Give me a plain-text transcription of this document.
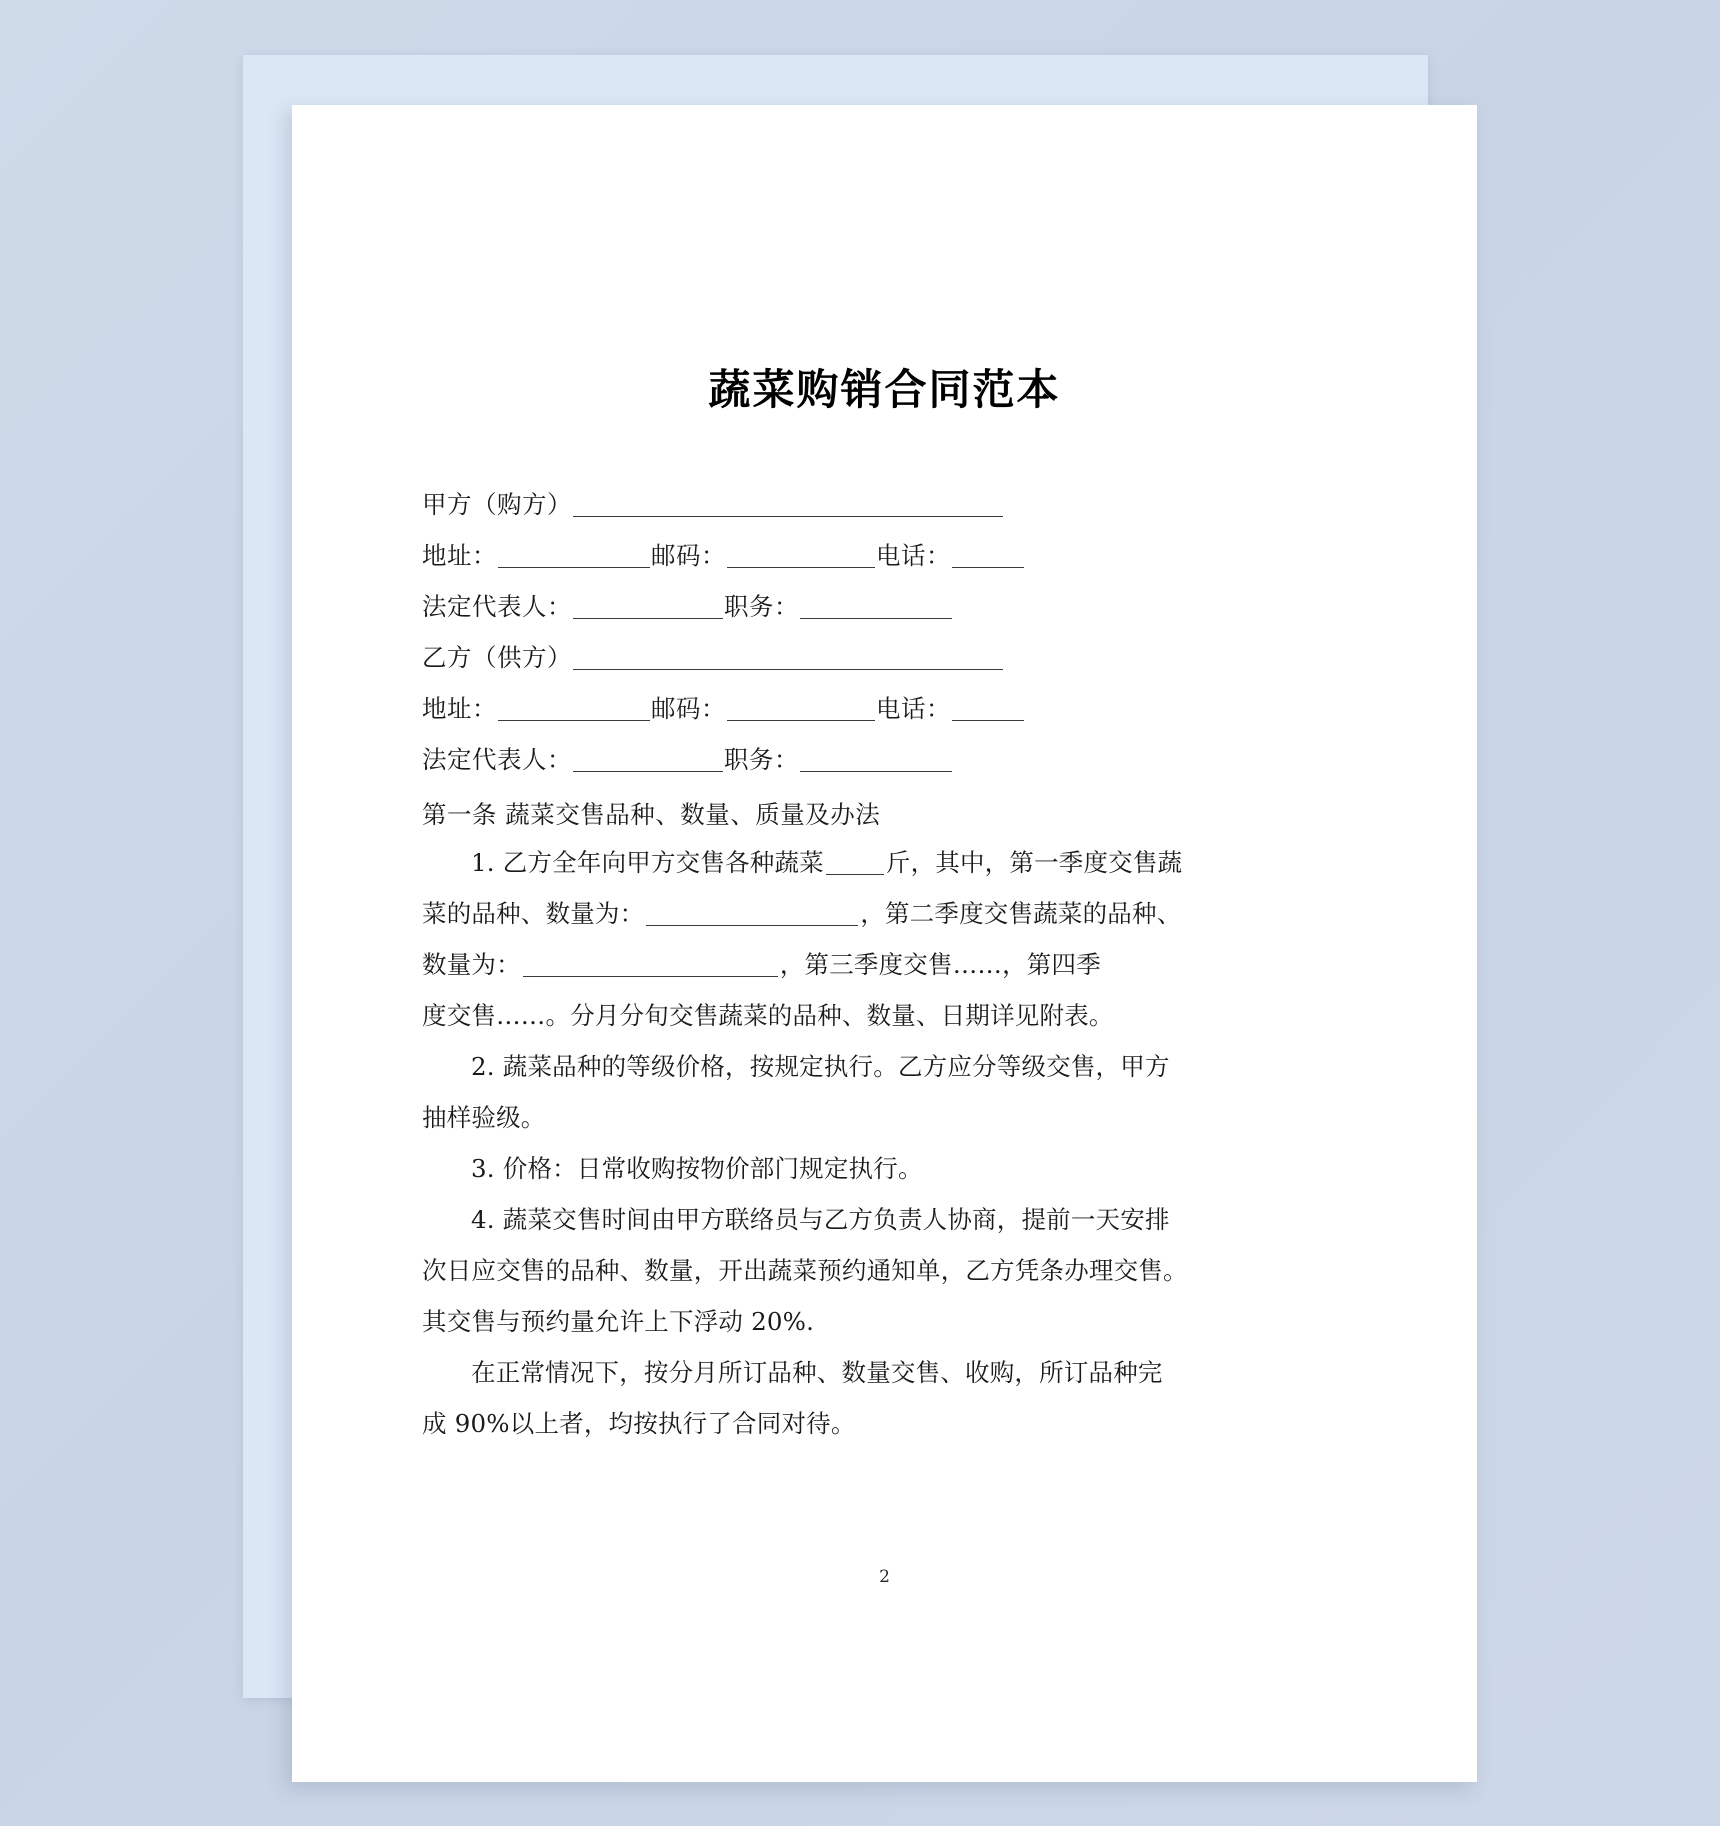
蔬菜购销合同范本
甲方（购方）
地址：	邮码：	电话：
法定代表人：	职务：
乙方（供方）
地址：	邮码：	电话：
法定代表人：	职务：
第一条 蔬菜交售品种、数量、质量及办法
1. 乙方全年向甲方交售各种蔬菜	斤，其中，第一季度交售蔬
菜的品种、数量为：	，第二季度交售蔬菜的品种、
数量为：	，第三季度交售……，第四季
度交售……。分月分旬交售蔬菜的品种、数量、日期详见附表。
2. 蔬菜品种的等级价格，按规定执行。乙方应分等级交售，甲方
抽样验级。
3. 价格：日常收购按物价部门规定执行。
4. 蔬菜交售时间由甲方联络员与乙方负责人协商，提前一天安排
次日应交售的品种、数量，开出蔬菜预约通知单，乙方凭条办理交售。
其交售与预约量允许上下浮动 20%.
在正常情况下，按分月所订品种、数量交售、收购，所订品种完
成 90%以上者，均按执行了合同对待。
2
